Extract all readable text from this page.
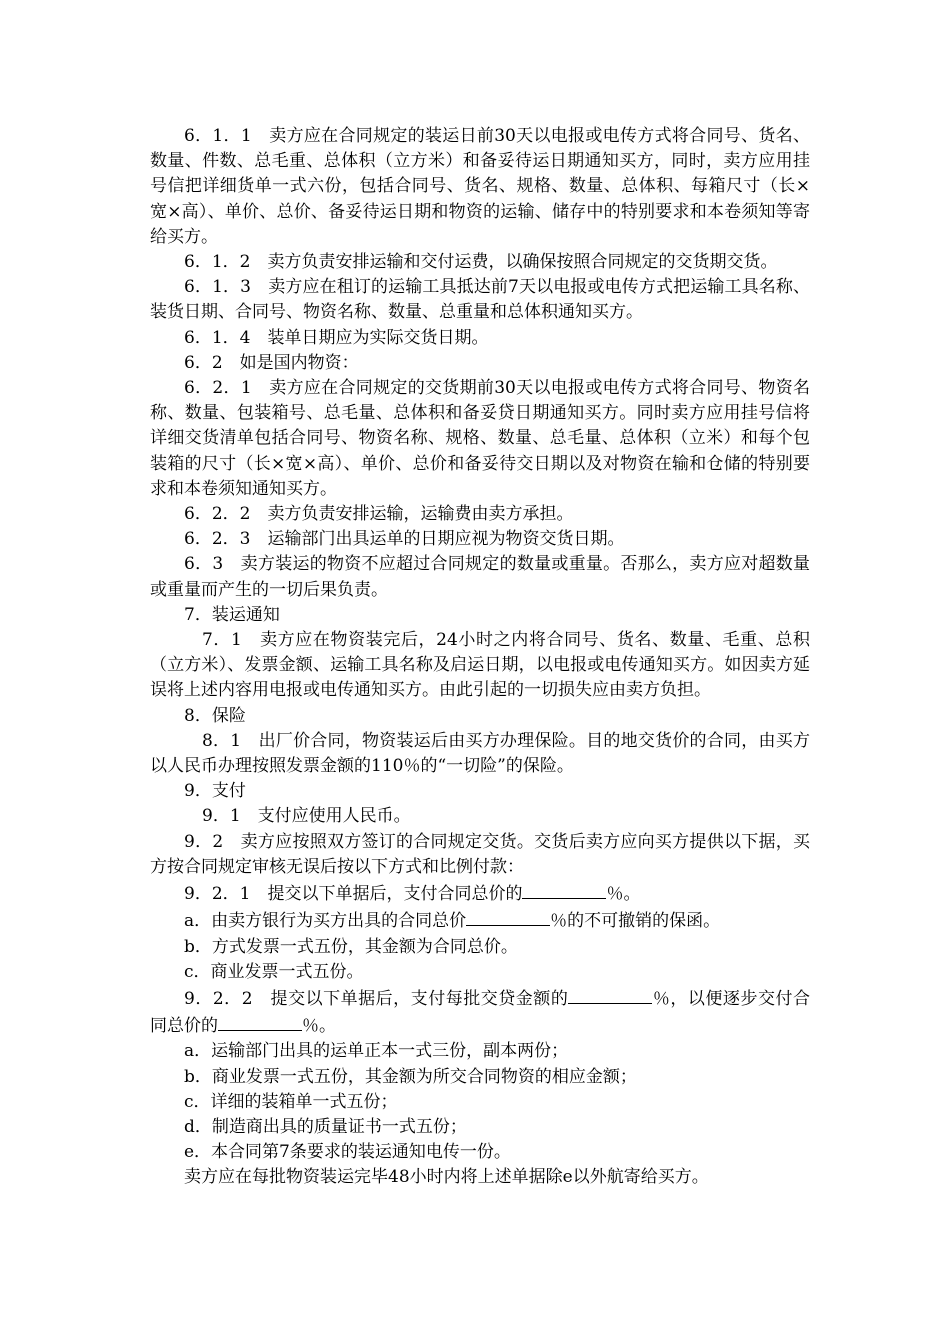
6．1．1　卖方应在合同规定的装运日前30天以电报或电传方式将合同号、货名、数量、件数、总毛重、总体积（立方米）和备妥待运日期通知买方，同时，卖方应用挂号信把详细货单一式六份，包括合同号、货名、规格、数量、总体积、每箱尺寸（长×宽×高）、单价、总价、备妥待运日期和物资的运输、储存中的特别要求和本卷须知等寄给买方。

6．1．2　卖方负责安排运输和交付运费，以确保按照合同规定的交货期交货。

6．1．3　卖方应在租订的运输工具抵达前7天以电报或电传方式把运输工具名称、装货日期、合同号、物资名称、数量、总重量和总体积通知买方。

6．1．4　装单日期应为实际交货日期。

6．2　如是国内物资：

6．2．1　卖方应在合同规定的交货期前30天以电报或电传方式将合同号、物资名称、数量、包装箱号、总毛量、总体积和备妥贷日期通知买方。同时卖方应用挂号信将详细交货清单包括合同号、物资名称、规格、数量、总毛量、总体积（立米）和每个包装箱的尺寸（长×宽×高）、单价、总价和备妥待交日期以及对物资在输和仓储的特别要求和本卷须知通知买方。

6．2．2　卖方负责安排运输，运输费由卖方承担。

6．2．3　运输部门出具运单的日期应视为物资交货日期。

6．3　卖方装运的物资不应超过合同规定的数量或重量。否那么，卖方应对超数量或重量而产生的一切后果负责。

7．装运通知

7．1　卖方应在物资装完后，24小时之内将合同号、货名、数量、毛重、总积（立方米）、发票金额、运输工具名称及启运日期，以电报或电传通知买方。如因卖方延误将上述内容用电报或电传通知买方。由此引起的一切损失应由卖方负担。

8．保险

8．1　出厂价合同，物资装运后由买方办理保险。目的地交货价的合同，由买方以人民币办理按照发票金额的110％的“一切险”的保险。

9．支付

9．1　支付应使用人民币。

9．2　卖方应按照双方签订的合同规定交货。交货后卖方应向买方提供以下据，买方按合同规定审核无误后按以下方式和比例付款：

9．2．1　提交以下单据后，支付合同总价的	％。

a．由卖方银行为买方出具的合同总价	％的不可撤销的保函。

b．方式发票一式五份，其金额为合同总价。

c．商业发票一式五份。

9．2．2　提交以下单据后，支付每批交贷金额的	％，以便逐步交付合同总价的	％。

a．运输部门出具的运单正本一式三份，副本两份；

b．商业发票一式五份，其金额为所交合同物资的相应金额；

c．详细的装箱单一式五份；

d．制造商出具的质量证书一式五份；

e．本合同第7条要求的装运通知电传一份。

卖方应在每批物资装运完毕48小时内将上述单据除e以外航寄给买方。
